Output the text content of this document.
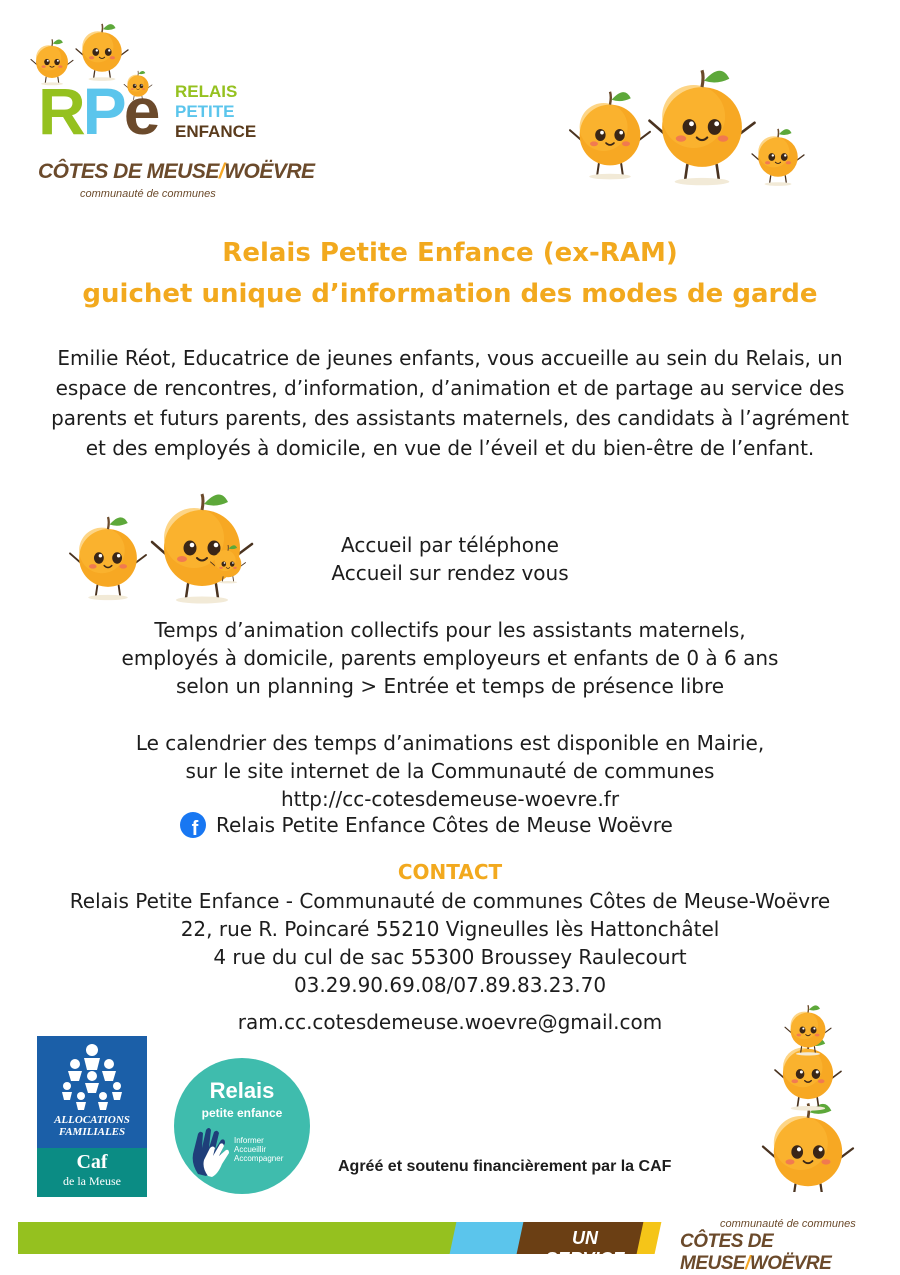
RPe RELAIS
PETITE
ENFANCE
CÔTES DE MEUSE/WOËVRE
communauté de communes
Relais Petite Enfance (ex-RAM)
guichet unique d’information des modes de garde
Emilie Réot, Educatrice de jeunes enfants, vous accueille au sein du Relais, un espace de rencontres, d’information, d’animation et de partage au service des parents et futurs parents, des assistants maternels, des candidats à l’agrément et des employés à domicile, en vue de l’éveil et du bien-être de l’enfant.
Accueil par téléphone
Accueil sur rendez vous
Temps d’animation collectifs pour les assistants maternels,
employés à domicile, parents employeurs et enfants de 0 à 6 ans
selon un planning > Entrée et temps de présence libre
Le calendrier des temps d’animations est disponible en Mairie,
sur le site internet de la Communauté de communes
http://cc-cotesdemeuse-woevre.fr
f Relais Petite Enfance Côtes de Meuse Woëvre
CONTACT
Relais Petite Enfance - Communauté de communes Côtes de Meuse-Woëvre
22, rue R. Poincaré 55210 Vigneulles lès Hattonchâtel
4 rue du cul de sac 55300 Broussey Raulecourt
03.29.90.69.08/07.89.83.23.70
ram.cc.cotesdemeuse.woevre@gmail.com
ALLOCATIONS
FAMILIALES
Caf
de la Meuse
Relais
petite enfance
Informer
Accueillir
Accompagner	Agréé et soutenu financièrement par la CAF
UN SERVICE
communauté de communes
CÔTES DE MEUSE/WOËVRE
